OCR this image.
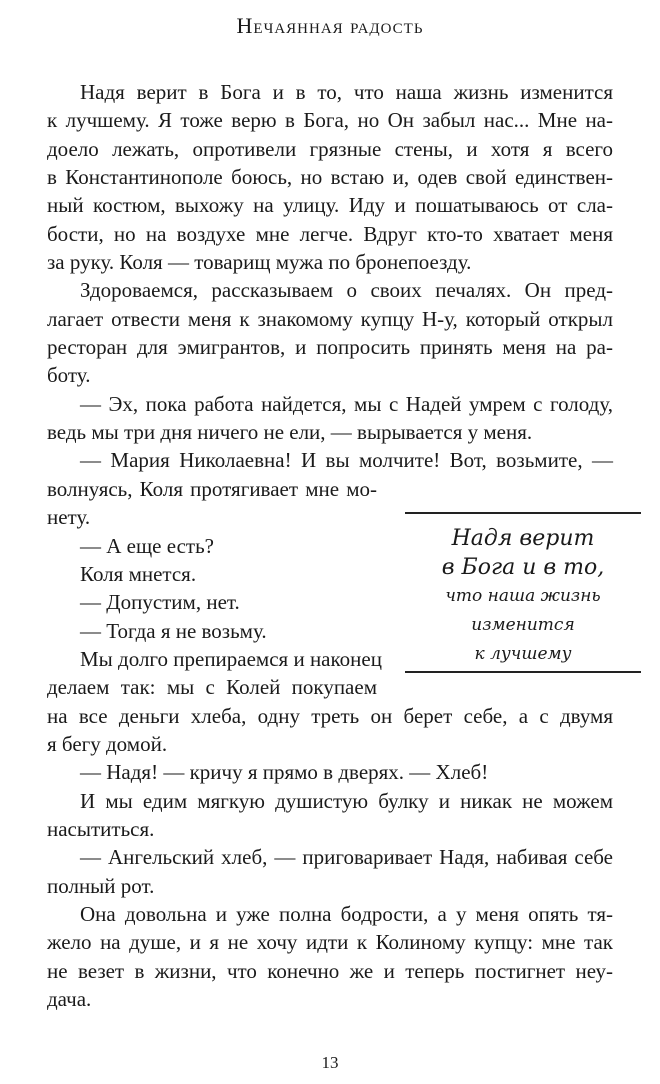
Нечаянная радость
Надя верит в Бога и в то, что наша жизнь изменится
к лучшему. Я тоже верю в Бога, но Он забыл нас... Мне на-
доело лежать, опротивели грязные стены, и хотя я всего
в Константинополе боюсь, но встаю и, одев свой единствен-
ный костюм, выхожу на улицу. Иду и пошатываюсь от сла-
бости, но на воздухе мне легче. Вдруг кто-то хватает меня
за руку. Коля — товарищ мужа по бронепоезду.
Здороваемся, рассказываем о своих печалях. Он пред-
лагает отвести меня к знакомому купцу Н-у, который открыл
ресторан для эмигрантов, и попросить принять меня на ра-
боту.
— Эх, пока работа найдется, мы с Надей умрем с голоду,
ведь мы три дня ничего не ели, — вырывается у меня.
— Мария Николаевна! И вы молчите! Вот, возьмите, —
волнуясь, Коля протягивает мне мо-
нету.
— А еще есть?
Коля мнется.
— Допустим, нет.
— Тогда я не возьму.
Мы долго препираемся и наконец
делаем так: мы с Колей покупаем
на все деньги хлеба, одну треть он берет себе, а с двумя
я бегу домой.
— Надя! — кричу я прямо в дверях. — Хлеб!
И мы едим мягкую душистую булку и никак не можем
насытиться.
— Ангельский хлеб, — приговаривает Надя, набивая себе
полный рот.
Она довольна и уже полна бодрости, а у меня опять тя-
жело на душе, и я не хочу идти к Колиному купцу: мне так
Надя верит
в Бога и в то,
что наша жизнь
изменится
к лучшему
13
не везет в жизни, что конечно же и теперь постигнет неу-
дача.
